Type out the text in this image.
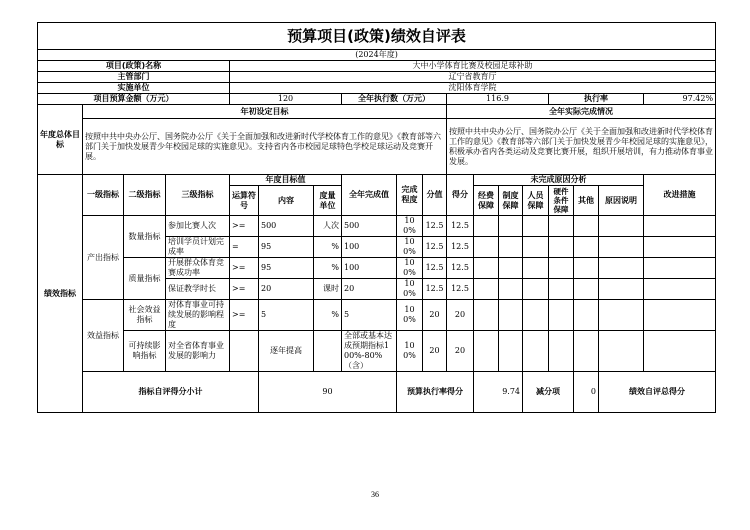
预算项目(政策)绩效自评表																		
(2024年度)																		
项目(政策)名称				大中小学体育比赛及校园足球补助														
主管部门				辽宁省教育厅														
实施单位				沈阳体育学院														
项目预算金额（万元）				120			全年执行数（万元）			116.9				执行率			97.42%	
年度总体目标	年初设定目标									全年实际完成情况								
	按照中共中央办公厅、国务院办公厅《关于全面加强和改进新时代学校体育工作的意见》《教育部等六部门关于加快发展青少年校园足球的实施意见》。支持省内各市校园足球特色学校足球运动及竞赛开展。									按照中共中央办公厅、国务院办公厅《关于全面加强和改进新时代学校体育工作的意见》《教育部等六部门关于加快发展青少年校园足球的实施意见》，积极承办省内各类运动及竞赛比赛开展，组织开展培训，有力推动体育事业发展。								
绩效指标	一级指标	二级指标	三级指标	年度目标值			全年完成值	完成程度	分值	得分	未完成原因分析						改进措施	
				运算符号	内容	度量单位					经费保障	制度保障	人员保障	硬件条件保障	其他	原因说明		
	产出指标	数量指标	参加比赛人次	>=	500	人次	500	100%	12.5	12.5								
			培训学员计划完成率	=	95	%	100	100%	12.5	12.5								
		质量指标	开展群众体育竞赛成功率	>=	95	%	100	100%	12.5	12.5								
			保证教学时长	>=	20	课时	20	100%	12.5	12.5								
	效益指标	社会效益指标	对体育事业可持续发展的影响程度	>=	5	%	5	100%	20	20								
		可持续影响指标	对全省体育事业发展的影响力		逐年提高		全部或基本达成预期指标100%-80%（含）	100%	20	20								
	指标自评得分小计				90			预算执行率得分			9.74		减分项		0	绩效自评总得分	
36
